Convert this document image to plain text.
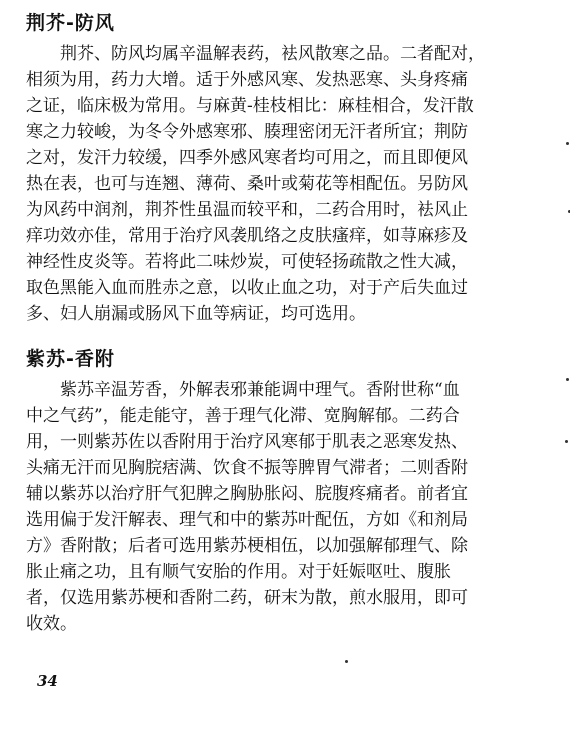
荆芥-防风

荆芥、防风均属辛温解表药，袪风散寒之品。二者配对，

相须为用，药力大增。适于外感风寒、发热恶寒、头身疼痛

之证，临床极为常用。与麻黄-桂枝相比：麻桂相合，发汗散

寒之力较峻，为冬令外感寒邪、腠理密闭无汗者所宜；荆防

之对，发汗力较缓，四季外感风寒者均可用之，而且即便风

热在表，也可与连翘、薄荷、桑叶或菊花等相配伍。另防风

为风药中润剂，荆芥性虽温而较平和，二药合用时，袪风止

痒功效亦佳，常用于治疗风袭肌络之皮肤瘙痒，如荨麻疹及

神经性皮炎等。若将此二味炒炭，可使轻扬疏散之性大减，

取色黑能入血而胜赤之意，以收止血之功，对于产后失血过

多、妇人崩漏或肠风下血等病证，均可选用。

紫苏-香附

紫苏辛温芳香，外解表邪兼能调中理气。香附世称“血

中之气药”，能走能守，善于理气化滞、宽胸解郁。二药合

用，一则紫苏佐以香附用于治疗风寒郁于肌表之恶寒发热、

头痛无汗而见胸脘痞满、饮食不振等脾胃气滞者；二则香附

辅以紫苏以治疗肝气犯脾之胸胁胀闷、脘腹疼痛者。前者宜

选用偏于发汗解表、理气和中的紫苏叶配伍，方如《和剂局

方》香附散；后者可选用紫苏梗相伍，以加强解郁理气、除

胀止痛之功，且有顺气安胎的作用。对于妊娠呕吐、腹胀

者，仅选用紫苏梗和香附二药，研末为散，煎水服用，即可

收效。

34
